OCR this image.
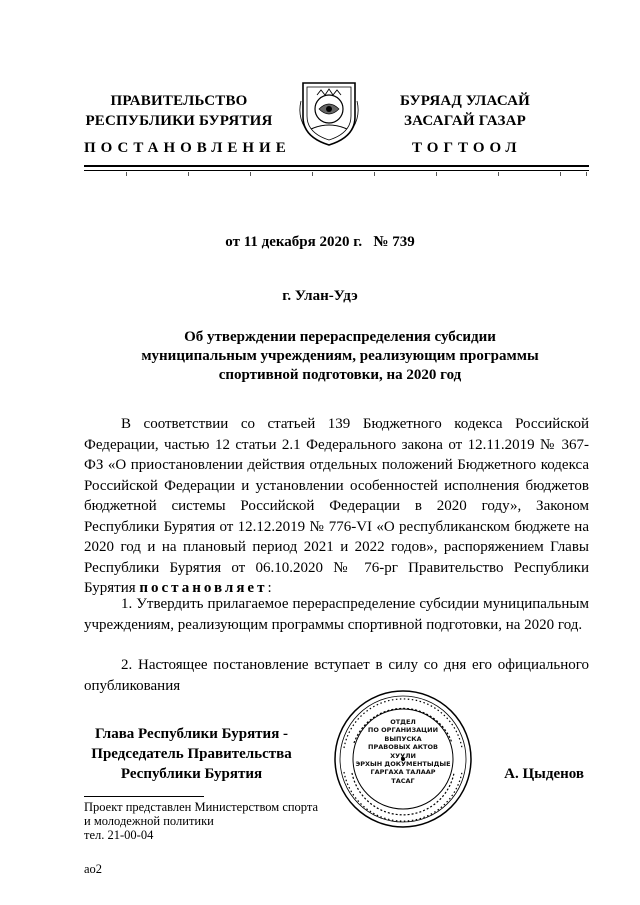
ПРАВИТЕЛЬСТВО
РЕСПУБЛИКИ БУРЯТИЯ
БУРЯАД УЛАСАЙ
ЗАСАГАЙ ГАЗАР
ПОСТАНОВЛЕНИЕ	ТОГТООЛ
от 11 декабря 2020 г.   № 739
г. Улан-Удэ
Об утверждении перераспределения субсидии
муниципальным учреждениям, реализующим программы
спортивной подготовки, на 2020 год
В соответствии со статьей 139 Бюджетного кодекса Российской Федерации, частью 12 статьи 2.1 Федерального закона от 12.11.2019 № 367-ФЗ «О приостановлении действия отдельных положений Бюджетного кодекса Российской Федерации и установлении особенностей исполнения бюджетов бюджетной системы Российской Федерации в 2020 году», Законом Республики Бурятия от 12.12.2019 № 776-VI «О республиканском бюджете на 2020 год и на плановый период 2021 и 2022 годов», распоряжением Главы Республики Бурятия от 06.10.2020 № 76-рг Правительство Республики Бурятия постановляет:
1. Утвердить прилагаемое перераспределение субсидии муниципальным учреждениям, реализующим программы спортивной подготовки, на 2020 год.
2. Настоящее постановление вступает в силу со дня его официального опубликования
Глава Республики Бурятия -
Председатель Правительства
Республики Бурятия
ОТДЕЛ
ПО ОРГАНИЗАЦИИ
ВЫПУСКА
ПРАВОВЫХ АКТОВ
ХУУЛИ
ЭРХЫН ДОКУМЕНТЫДЫЕ
ГАРГАХА ТАЛААР
ТАСАГ	А. Цыденов
Проект представлен Министерством спорта
и молодежной политики
тел. 21-00-04
ао2
